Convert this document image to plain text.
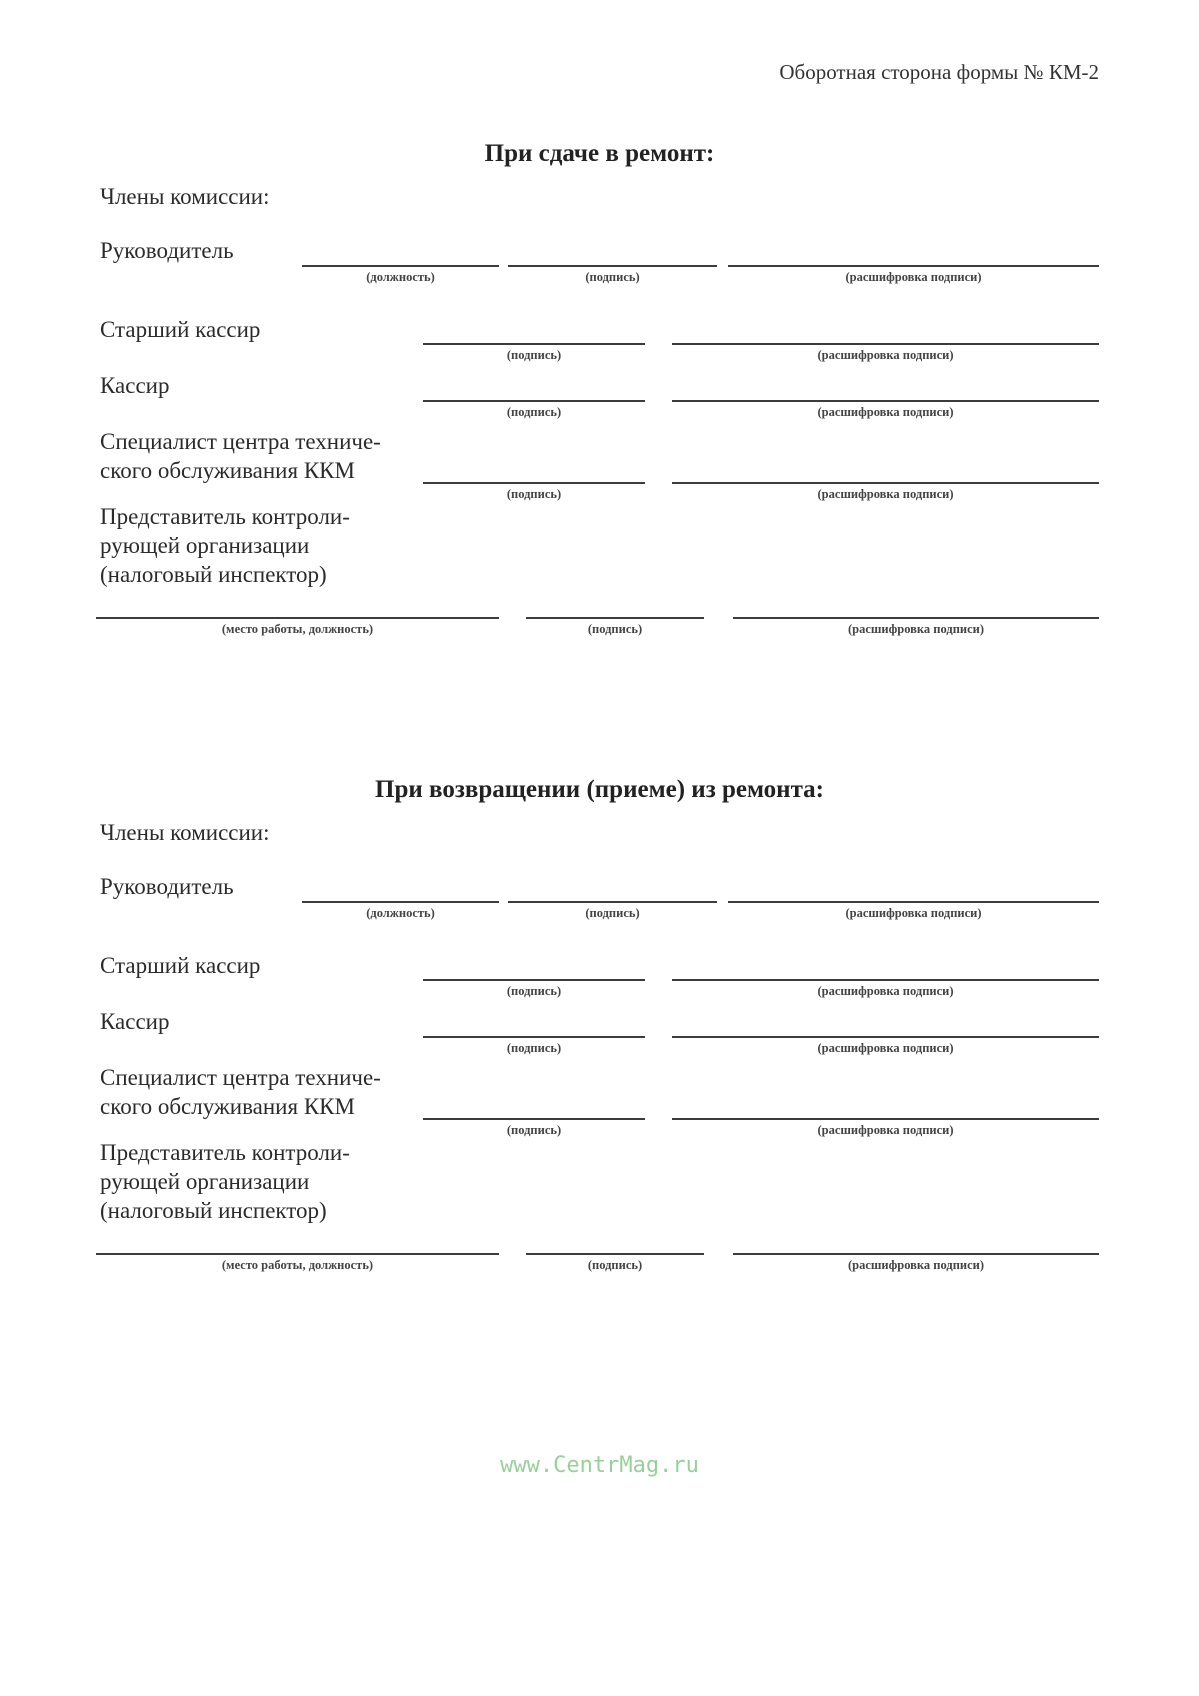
Оборотная сторона формы № КМ-2
При сдаче в ремонт:
Члены комиссии:
Руководитель
(должность)	(подпись)	(расшифровка подписи)
Старший кассир
(подпись)	(расшифровка подписи)
Кассир
(подпись)	(расшифровка подписи)
Специалист центра техниче-
ского обслуживания ККМ
(подпись)	(расшифровка подписи)
Представитель контроли-
рующей организации
(налоговый инспектор)
(место работы, должность)	(подпись)	(расшифровка подписи)
При возвращении (приеме) из ремонта:
Члены комиссии:
Руководитель
(должность)	(подпись)	(расшифровка подписи)
Старший кассир
(подпись)	(расшифровка подписи)
Кассир
(подпись)	(расшифровка подписи)
Специалист центра техниче-
ского обслуживания ККМ
(подпись)	(расшифровка подписи)
Представитель контроли-
рующей организации
(налоговый инспектор)
(место работы, должность)	(подпись)	(расшифровка подписи)
www.CentrMag.ru
